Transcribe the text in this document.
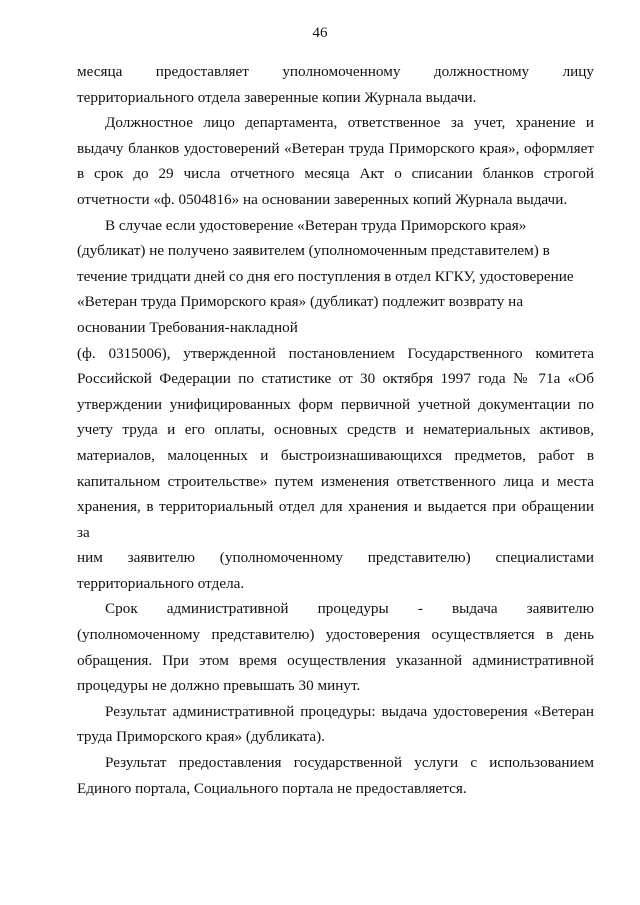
46

месяца предоставляет уполномоченному должностному лицу территориального отдела заверенные копии Журнала выдачи.

Должностное лицо департамента, ответственное за учет, хранение и выдачу бланков удостоверений «Ветеран труда Приморского края», оформляет в срок до 29 числа отчетного месяца Акт о списании бланков строгой отчетности «ф. 0504816» на основании заверенных копий Журнала выдачи.

В случае если удостоверение «Ветеран труда Приморского края» (дубликат) не получено заявителем (уполномоченным представителем) в течение тридцати дней со дня его поступления в отдел КГКУ, удостоверение «Ветеран труда Приморского края» (дубликат) подлежит возврату на основании Требования-накладной

(ф. 0315006), утвержденной постановлением Государственного комитета Российской Федерации по статистике от 30 октября 1997 года № 71а «Об утверждении унифицированных форм первичной учетной документации по учету труда и его оплаты, основных средств и нематериальных активов, материалов, малоценных и быстроизнашивающихся предметов, работ в капитальном строительстве» путем изменения ответственного лица и места хранения, в территориальный отдел для хранения и выдается при обращении за

ним заявителю (уполномоченному представителю) специалистами

территориального отдела.

Срок административной процедуры - выдача заявителю (уполномоченному представителю) удостоверения осуществляется в день обращения. При этом время осуществления указанной административной процедуры не должно превышать 30 минут.

Результат административной процедуры: выдача удостоверения «Ветеран труда Приморского края» (дубликата).

Результат предоставления государственной услуги с использованием Единого портала, Социального портала не предоставляется.
